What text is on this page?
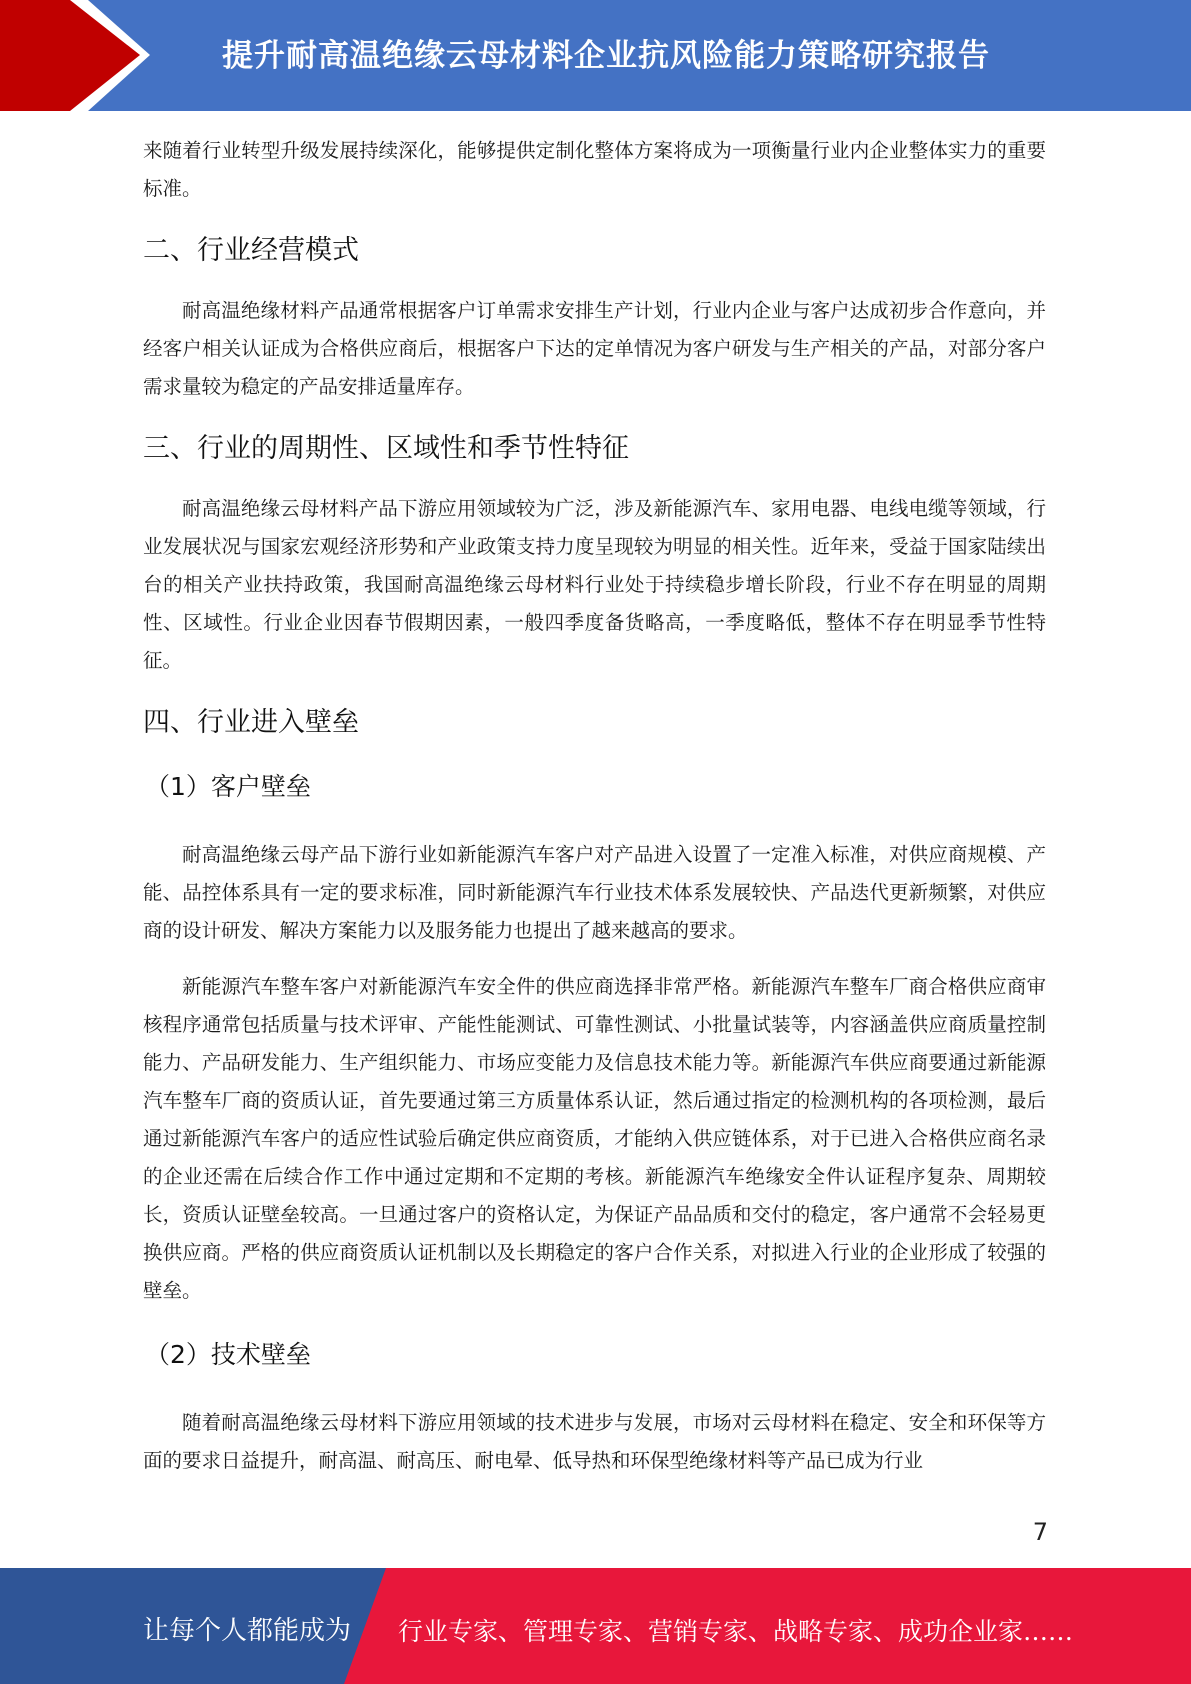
提升耐高温绝缘云母材料企业抗风险能力策略研究报告

来随着行业转型升级发展持续深化，能够提供定制化整体方案将成为一项衡量行业内企业整体实力的重要标准。

二、行业经营模式

耐高温绝缘材料产品通常根据客户订单需求安排生产计划，行业内企业与客户达成初步合作意向，并经客户相关认证成为合格供应商后，根据客户下达的定单情况为客户研发与生产相关的产品，对部分客户需求量较为稳定的产品安排适量库存。

三、行业的周期性、区域性和季节性特征

耐高温绝缘云母材料产品下游应用领域较为广泛，涉及新能源汽车、家用电器、电线电缆等领域，行业发展状况与国家宏观经济形势和产业政策支持力度呈现较为明显的相关性。近年来，受益于国家陆续出台的相关产业扶持政策，我国耐高温绝缘云母材料行业处于持续稳步增长阶段，行业不存在明显的周期性、区域性。行业企业因春节假期因素，一般四季度备货略高，一季度略低，整体不存在明显季节性特征。

四、行业进入壁垒
（1）客户壁垒

耐高温绝缘云母产品下游行业如新能源汽车客户对产品进入设置了一定准入标准，对供应商规模、产能、品控体系具有一定的要求标准，同时新能源汽车行业技术体系发展较快、产品迭代更新频繁，对供应商的设计研发、解决方案能力以及服务能力也提出了越来越高的要求。

新能源汽车整车客户对新能源汽车安全件的供应商选择非常严格。新能源汽车整车厂商合格供应商审核程序通常包括质量与技术评审、产能性能测试、可靠性测试、小批量试装等，内容涵盖供应商质量控制能力、产品研发能力、生产组织能力、市场应变能力及信息技术能力等。新能源汽车供应商要通过新能源汽车整车厂商的资质认证，首先要通过第三方质量体系认证，然后通过指定的检测机构的各项检测，最后通过新能源汽车客户的适应性试验后确定供应商资质，才能纳入供应链体系，对于已进入合格供应商名录的企业还需在后续合作工作中通过定期和不定期的考核。新能源汽车绝缘安全件认证程序复杂、周期较长，资质认证壁垒较高。一旦通过客户的资格认定，为保证产品品质和交付的稳定，客户通常不会轻易更换供应商。严格的供应商资质认证机制以及长期稳定的客户合作关系，对拟进入行业的企业形成了较强的壁垒。

（2）技术壁垒

随着耐高温绝缘云母材料下游应用领域的技术进步与发展，市场对云母材料在稳定、安全和环保等方面的要求日益提升，耐高温、耐高压、耐电晕、低导热和环保型绝缘材料等产品已成为行业

7
让每个人都能成为 行业专家、管理专家、营销专家、战略专家、成功企业家……
